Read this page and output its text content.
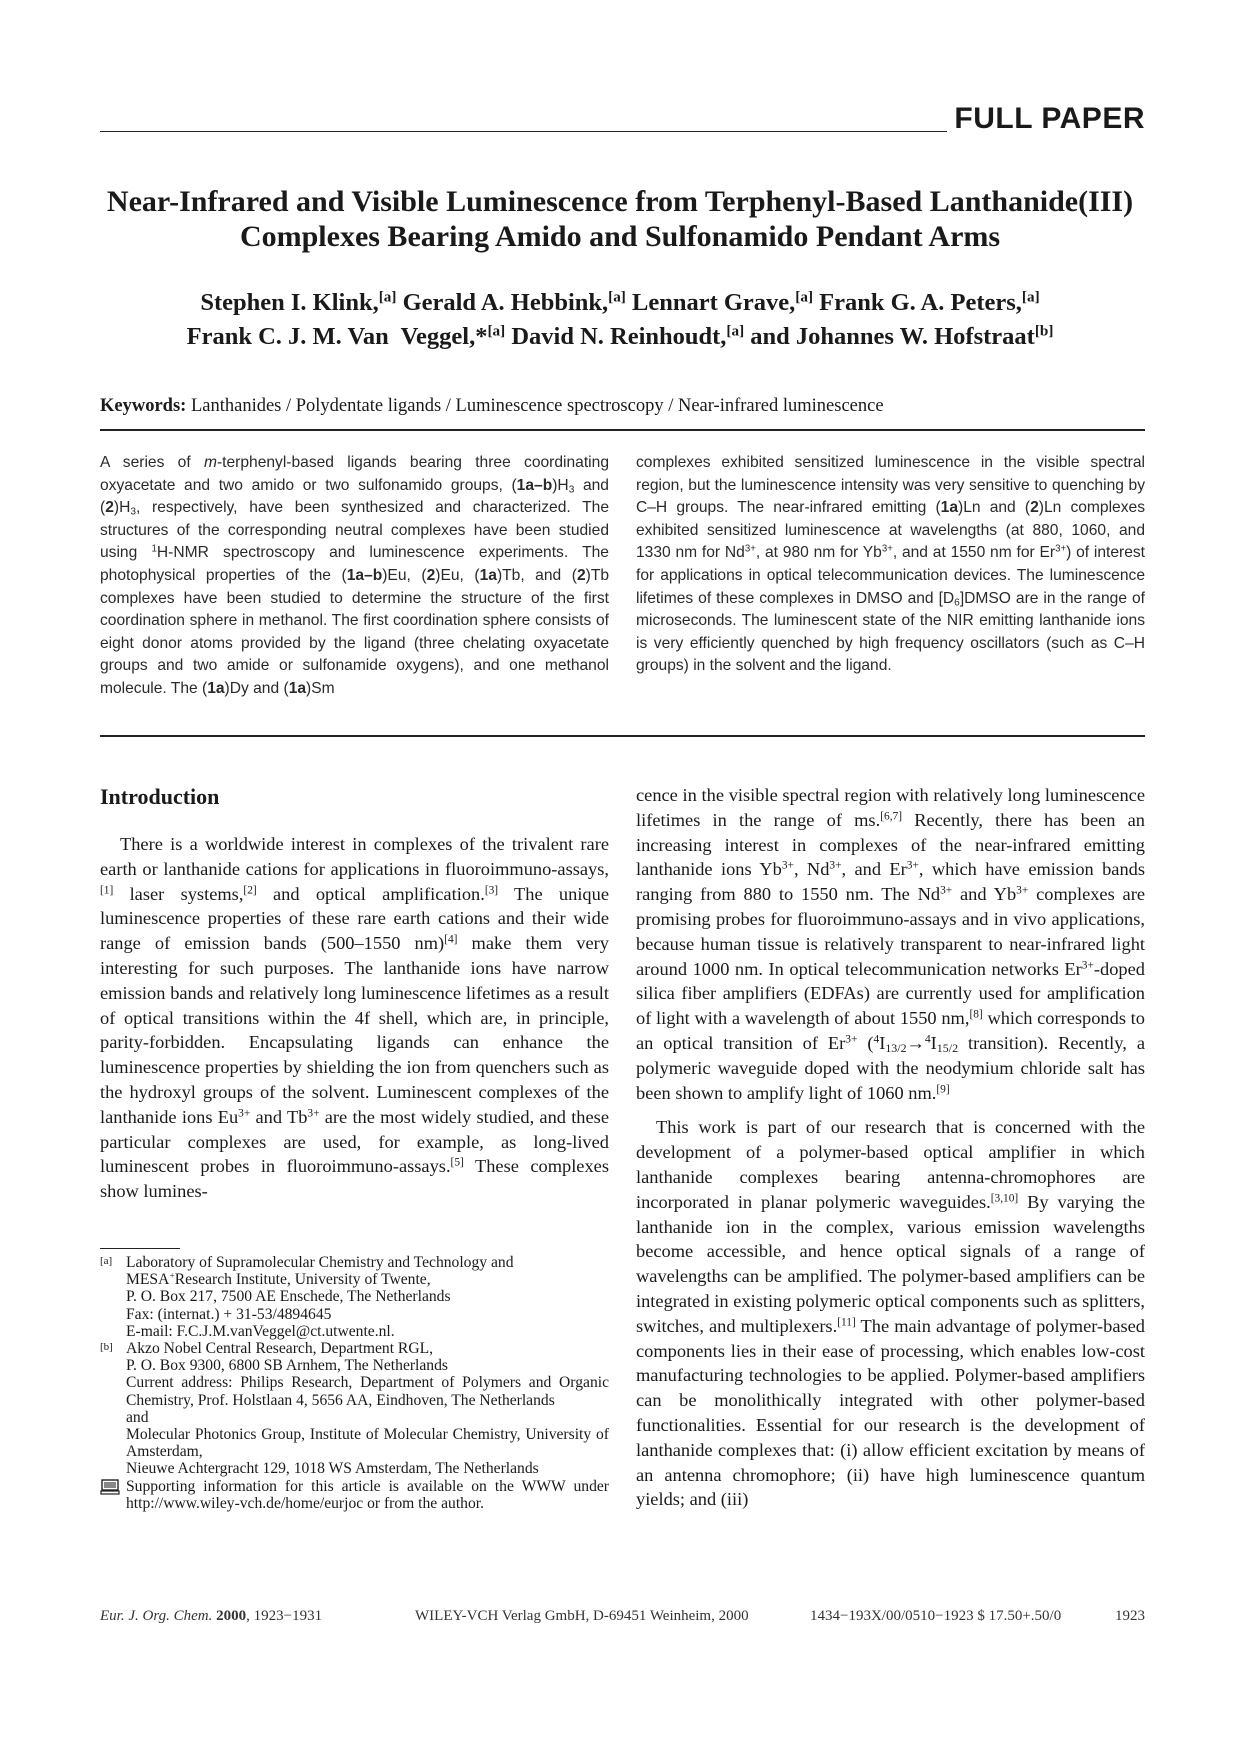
FULL PAPER
Near-Infrared and Visible Luminescence from Terphenyl-Based Lanthanide(III)
Complexes Bearing Amido and Sulfonamido Pendant Arms
Stephen I. Klink,[a] Gerald A. Hebbink,[a] Lennart Grave,[a] Frank G. A. Peters,[a]
Frank C. J. M. Van  Veggel,*[a] David N. Reinhoudt,[a] and Johannes W. Hofstraat[b]
Keywords: Lanthanides / Polydentate ligands / Luminescence spectroscopy / Near-infrared luminescence

A series of m-terphenyl-based ligands bearing three coordinating oxyacetate and two amido or two sulfonamido groups, $(1a-b)H_3$ and $(2)H_3$, respectively, have been synthesized and characterized. The structures of the corresponding neutral complexes have been studied using $^1$H-NMR spectroscopy and luminescence experiments. The photophysical properties of the (1a–b)Eu, (2)Eu, (1a)Tb, and (2)Tb complexes have been studied to determine the structure of the first coordination sphere in methanol. The first coordination sphere consists of eight donor atoms provided by the ligand (three chelating oxyacetate groups and two amide or sulfonamide oxygens), and one methanol molecule. The (1a)Dy and (1a)Sm

complexes exhibited sensitized luminescence in the visible spectral region, but the luminescence intensity was very sensitive to quenching by C–H groups. The near-infrared emitting (1a)Ln and (2)Ln complexes exhibited sensitized luminescence at wavelengths (at 880, 1060, and 1330 nm for $Nd^{3+}$, at 980 nm for $Yb^{3+}$, and at 1550 nm for $Er^{3+}$) of interest for applications in optical telecommunication devices. The luminescence lifetimes of these complexes in DMSO and $[D_6]DMSO$ are in the range of microseconds. The luminescent state of the NIR emitting lanthanide ions is very efficiently quenched by high frequency oscillators (such as C–H groups) in the solvent and the ligand.

Introduction

There is a worldwide interest in complexes of the trivalent rare earth or lanthanide cations for applications in fluoroimmuno-assays,[1] laser systems,[2] and optical amplification.[3] The unique luminescence properties of these rare earth cations and their wide range of emission bands (500–1550 nm)[4] make them very interesting for such purposes. The lanthanide ions have narrow emission bands and relatively long luminescence lifetimes as a result of optical transitions within the 4f shell, which are, in principle, parity-forbidden. Encapsulating ligands can enhance the luminescence properties by shielding the ion from quenchers such as the hydroxyl groups of the solvent. Luminescent complexes of the lanthanide ions $Eu^{3+}$ and $Tb^{3+}$ are the most widely studied, and these particular complexes are used, for example, as long-lived luminescent probes in fluoroimmuno-assays.[5] These complexes show lumines-

cence in the visible spectral region with relatively long luminescence lifetimes in the range of ms.[6,7] Recently, there has been an increasing interest in complexes of the near-infrared emitting lanthanide ions $Yb^{3+}$, $Nd^{3+}$, and $Er^{3+}$, which have emission bands ranging from 880 to 1550 nm. The $Nd^{3+}$ and $Yb^{3+}$ complexes are promising probes for fluoroimmuno-assays and in vivo applications, because human tissue is relatively transparent to near-infrared light around 1000 nm. In optical telecommunication networks $Er^{3+}$-doped silica fiber amplifiers (EDFAs) are currently used for amplification of light with a wavelength of about 1550 nm,[8] which corresponds to an optical transition of $Er^{3+}$ ($^4I_{13/2}\to^4I_{15/2}$ transition). Recently, a polymeric waveguide doped with the neodymium chloride salt has been shown to amplify light of 1060 nm.[9]

This work is part of our research that is concerned with the development of a polymer-based optical amplifier in which lanthanide complexes bearing antenna-chromophores are incorporated in planar polymeric waveguides.[3,10] By varying the lanthanide ion in the complex, various emission wavelengths become accessible, and hence optical signals of a range of wavelengths can be amplified. The polymer-based amplifiers can be integrated in existing polymeric optical components such as splitters, switches, and multiplexers.[11] The main advantage of polymer-based components lies in their ease of processing, which enables low-cost manufacturing technologies to be applied. Polymer-based amplifiers can be monolithically integrated with other polymer-based functionalities. Essential for our research is the development of lanthanide complexes that: (i) allow efficient excitation by means of an antenna chromophore; (ii) have high luminescence quantum yields; and (iii)

[a] Laboratory of Supramolecular Chemistry and Technology and
MESA+Research Institute, University of Twente,
P. O. Box 217, 7500 AE Enschede, The Netherlands
Fax: (internat.) + 31-53/4894645
E-mail: F.C.J.M.vanVeggel@ct.utwente.nl.
[b] Akzo Nobel Central Research, Department RGL,
P. O. Box 9300, 6800 SB Arnhem, The Netherlands
Current address: Philips Research, Department of Polymers and Organic Chemistry, Prof. Holstlaan 4, 5656 AA, Eindhoven, The Netherlands
and
Molecular Photonics Group, Institute of Molecular Chemistry, University of Amsterdam,
Nieuwe Achtergracht 129, 1018 WS Amsterdam, The Netherlands
Supporting information for this article is available on the WWW under http://www.wiley-vch.de/home/eurjoc or from the author.
Eur. J. Org. Chem. 2000, 1923−1931	WILEY-VCH Verlag GmbH, D-69451 Weinheim, 2000	1434−193X/00/0510−1923 $ 17.50+.50/0	1923
